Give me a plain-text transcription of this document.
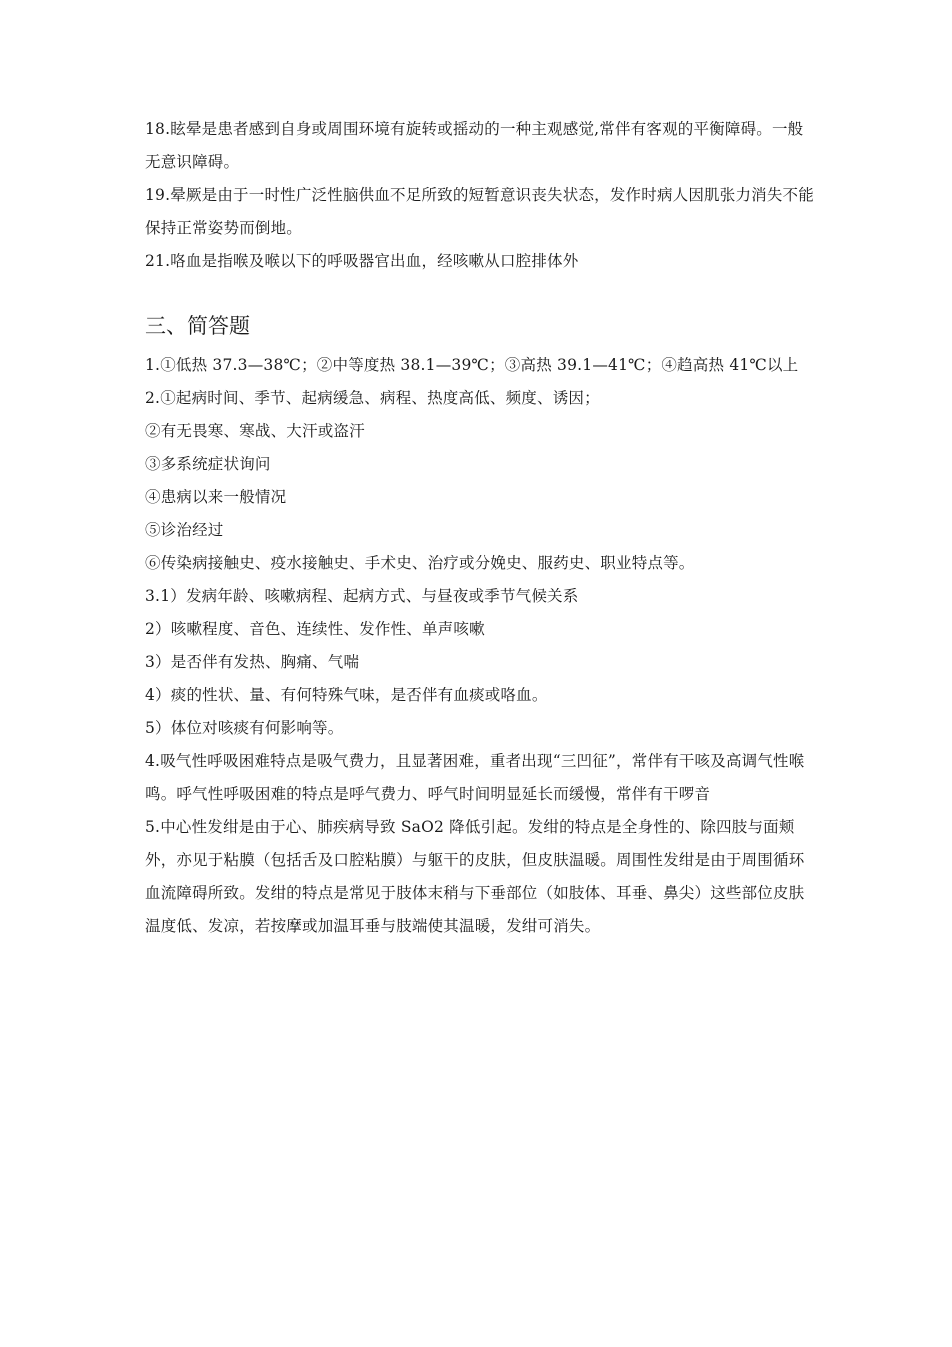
18.眩晕是患者感到自身或周围环境有旋转或摇动的一种主观感觉,常伴有客观的平衡障碍。一般无意识障碍。

19.晕厥是由于一时性广泛性脑供血不足所致的短暂意识丧失状态，发作时病人因肌张力消失不能保持正常姿势而倒地。

21.咯血是指喉及喉以下的呼吸器官出血，经咳嗽从口腔排体外

三、简答题

1.①低热 37.3—38℃；②中等度热 38.1—39℃；③高热 39.1—41℃；④趋高热 41℃以上

2.①起病时间、季节、起病缓急、病程、热度高低、频度、诱因；

②有无畏寒、寒战、大汗或盗汗

③多系统症状询问

④患病以来一般情况

⑤诊治经过

⑥传染病接触史、疫水接触史、手术史、治疗或分娩史、服药史、职业特点等。

3.1）发病年龄、咳嗽病程、起病方式、与昼夜或季节气候关系

2）咳嗽程度、音色、连续性、发作性、单声咳嗽

3）是否伴有发热、胸痛、气喘

4）痰的性状、量、有何特殊气味，是否伴有血痰或咯血。

5）体位对咳痰有何影响等。

4.吸气性呼吸困难特点是吸气费力，且显著困难，重者出现“三凹征”，常伴有干咳及高调气性喉鸣。呼气性呼吸困难的特点是呼气费力、呼气时间明显延长而缓慢，常伴有干啰音

5.中心性发绀是由于心、肺疾病导致 SaO2 降低引起。发绀的特点是全身性的、除四肢与面颊外，亦见于粘膜（包括舌及口腔粘膜）与躯干的皮肤，但皮肤温暖。周围性发绀是由于周围循环血流障碍所致。发绀的特点是常见于肢体末稍与下垂部位（如肢体、耳垂、鼻尖）这些部位皮肤温度低、发凉，若按摩或加温耳垂与肢端使其温暖，发绀可消失。
